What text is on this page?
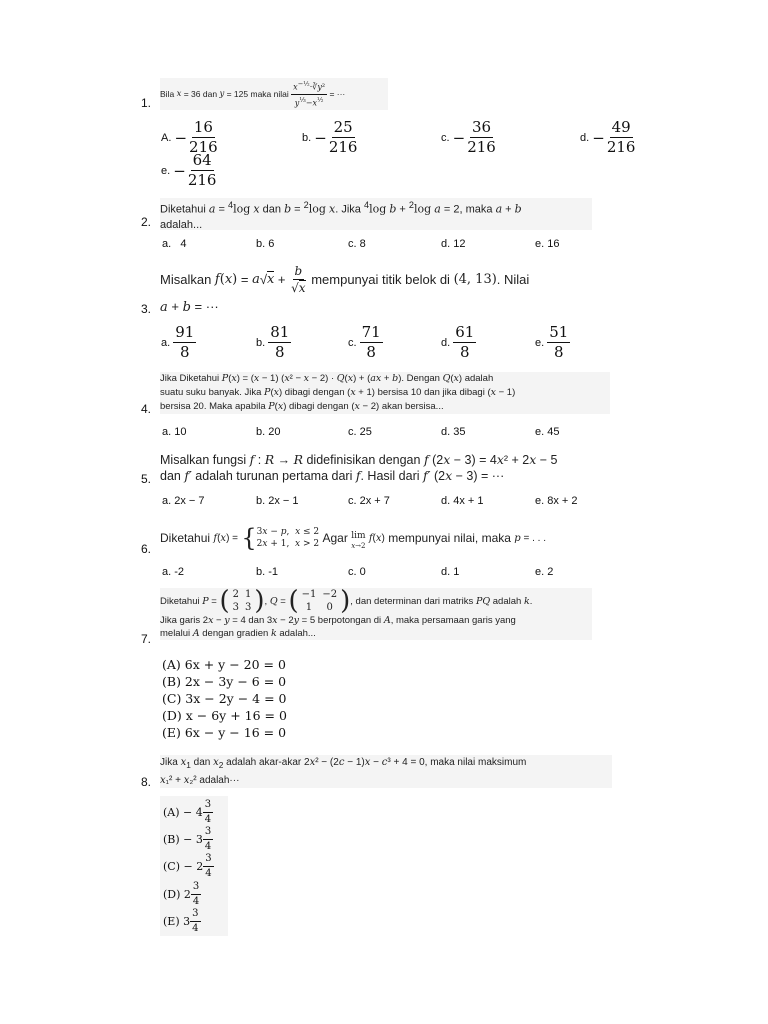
1.
Bila
x = 36 dan
y = 125 maka nilai
$\frac{x^{-\frac{1}{2}}\cdot∛y^2}{y^{\frac{1}{3}}-x^{\frac{1}{2}}}$ = ···
A.
− $\frac{16}{216}$	b.
− $\frac{25}{216}$	c.
− $\frac{36}{216}$	d.
− $\frac{49}{216}$
e.
− $\frac{64}{216}$
2.
Diketahui a = $^4$log x dan b = $^2$log x. Jika $^4$log b + $^2$log a = 2, maka a + b
adalah...
a.   4	b. 6	c. 8	d. 12	e. 16
3.
Misalkan
f ( x ) = a √ $x + \frac{b}{√x}$
mempunyai titik belok di
(4, 13) . Nilai
a + b = ···
a.
$\frac{91}{8}$	b.
$\frac{81}{8}$	c.
$\frac{71}{8}$	d.
$\frac{61}{8}$	e.
$\frac{51}{8}$
4.
Jika Diketahui P(x) = (x − 1) (x² − x − 2) · Q(x) + (ax + b). Dengan Q(x) adalah
suatu suku banyak. Jika P(x) dibagi dengan (x + 1) bersisa 10 dan jika dibagi (x − 1)
bersisa 20. Maka apabila P(x) dibagi dengan (x − 2) akan bersisa...
a. 10	b. 20	c. 25	d. 35	e. 45
5.
Misalkan fungsi f : R → R didefinisikan dengan f (2x − 3) = 4x² + 2x − 5
dan f′ adalah turunan pertama dari f. Hasil dari f′ (2x − 3) = ···
a. 2x − 7	b. 2x − 1	c. 2x + 7	d. 4x + 1	e. 8x + 2
6.
Diketahui
f (x) =
{ 3x − p,  x ≤ 2
2x + 1,  x > 2
Agar
lim
x→2

f (x)
mempunyai nilai, maka
p = . . .
a. -2	b. -1	c. 0	d. 1	e. 2
7.
Diketahui
P = ( 2	1
3	3 ) , Q = ( −1	−2
1	0 ) , dan determinan dari matriks
PQ
adalah
k .
Jika garis 2x − y = 4 dan 3x − 2y = 5 berpotongan di A, maka persamaan garis yang
melalui A dengan gradien k adalah...
(A) 6x + y − 20 = 0
(B) 2x − 3y − 6 = 0
(C) 3x − 2y − 4 = 0
(D) x − 6y + 16 = 0
(E) 6x − y − 16 = 0
8.
Jika $x_1$ dan $x_2$ adalah akar-akar 2x² − (2c − 1)x − c³ + 4 = 0, maka nilai maksimum
x₁² + x₂² adalah···
(A)
−
$4 \frac{3}{4}$
(B)
−
$3 \frac{3}{4}$
(C)
−
$2 \frac{3}{4}$
(D)
$2 \frac{3}{4}$
(E)
$3 \frac{3}{4}$
